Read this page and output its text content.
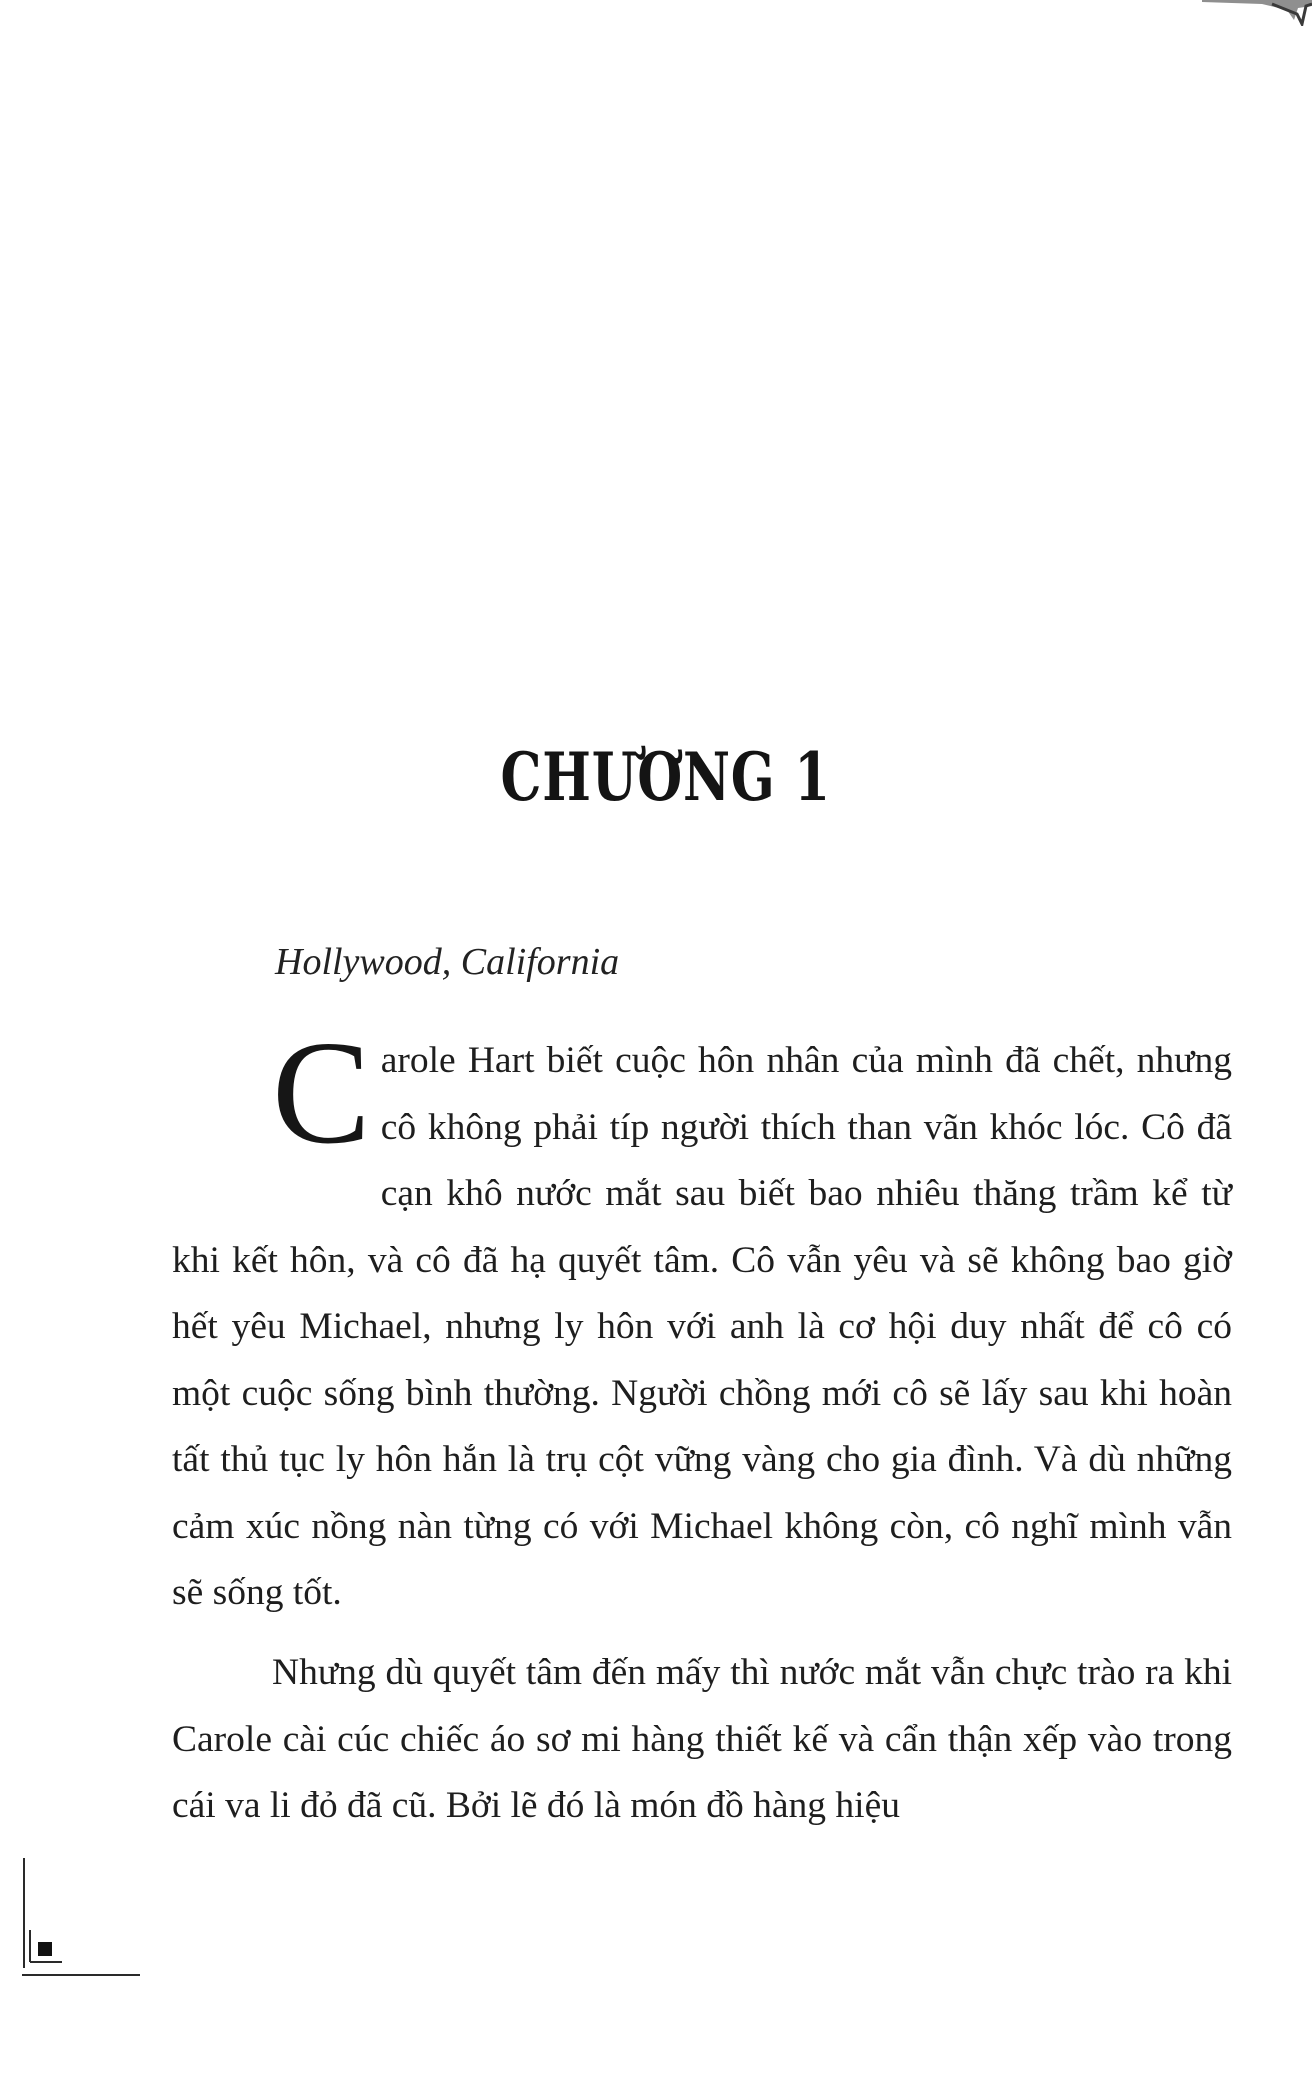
CHƯƠNG 1
Hollywood, California
Carole Hart biết cuộc hôn nhân của mình đã chết, nhưng cô không phải típ người thích than vãn khóc lóc. Cô đã cạn khô nước mắt sau biết bao nhiêu thăng trầm kể từ khi kết hôn, và cô đã hạ quyết tâm. Cô vẫn yêu và sẽ không bao giờ hết yêu Michael, nhưng ly hôn với anh là cơ hội duy nhất để cô có một cuộc sống bình thường. Người chồng mới cô sẽ lấy sau khi hoàn tất thủ tục ly hôn hắn là trụ cột vững vàng cho gia đình. Và dù những cảm xúc nồng nàn từng có với Michael không còn, cô nghĩ mình vẫn sẽ sống tốt.
Nhưng dù quyết tâm đến mấy thì nước mắt vẫn chực trào ra khi Carole cài cúc chiếc áo sơ mi hàng thiết kế và cẩn thận xếp vào trong cái va li đỏ đã cũ. Bởi lẽ đó là món đồ hàng hiệu
